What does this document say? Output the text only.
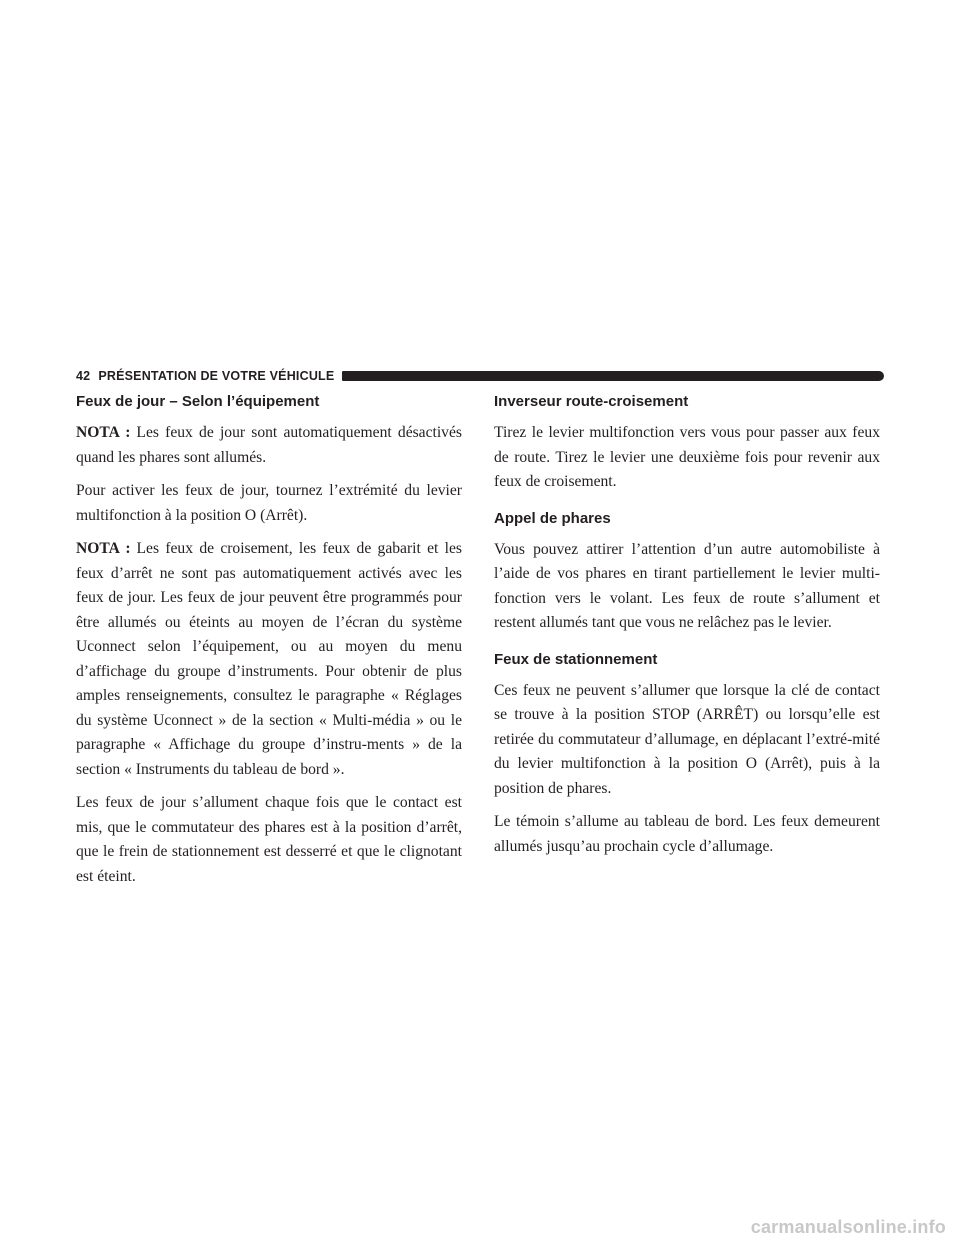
42 PRÉSENTATION DE VOTRE VÉHICULE
Feux de jour – Selon l’équipement

NOTA : Les feux de jour sont automatiquement désactivés quand les phares sont allumés.

Pour activer les feux de jour, tournez l’extrémité du levier multifonction à la position O (Arrêt).

NOTA : Les feux de croisement, les feux de gabarit et les feux d’arrêt ne sont pas automatiquement activés avec les feux de jour. Les feux de jour peuvent être programmés pour être allumés ou éteints au moyen de l’écran du système Uconnect selon l’équipement, ou au moyen du menu d’affichage du groupe d’instruments. Pour obtenir de plus amples renseignements, consultez le paragraphe « Réglages du système Uconnect » de la section « Multi-média » ou le paragraphe « Affichage du groupe d’instru-ments » de la section « Instruments du tableau de bord ».

Les feux de jour s’allument chaque fois que le contact est mis, que le commutateur des phares est à la position d’arrêt, que le frein de stationnement est desserré et que le clignotant est éteint.

Inverseur route-croisement

Tirez le levier multifonction vers vous pour passer aux feux de route. Tirez le levier une deuxième fois pour revenir aux feux de croisement.

Appel de phares

Vous pouvez attirer l’attention d’un autre automobiliste à l’aide de vos phares en tirant partiellement le levier multi-fonction vers le volant. Les feux de route s’allument et restent allumés tant que vous ne relâchez pas le levier.

Feux de stationnement

Ces feux ne peuvent s’allumer que lorsque la clé de contact se trouve à la position STOP (ARRÊT) ou lorsqu’elle est retirée du commutateur d’allumage, en déplacant l’extré-mité du levier multifonction à la position O (Arrêt), puis à la position de phares.

Le témoin s’allume au tableau de bord. Les feux demeurent allumés jusqu’au prochain cycle d’allumage.

carmanualsonline.info
